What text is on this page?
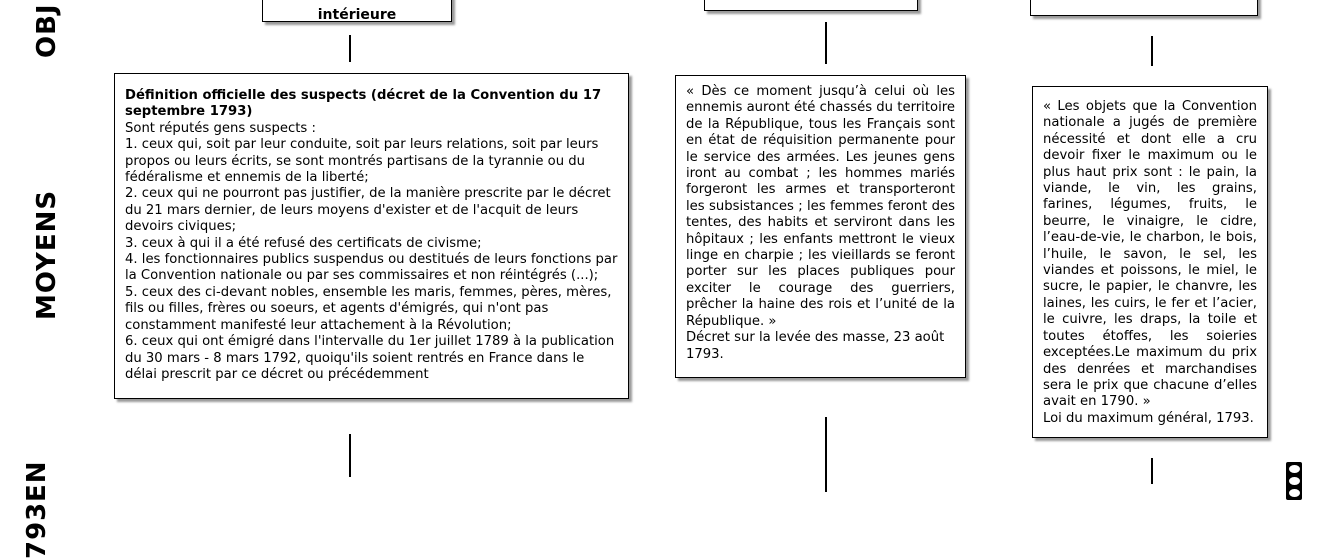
OBJ
MOYENS
EN
793
intérieure

Définition officielle des suspects (décret de la Convention du 17 septembre 1793)

Sont réputés gens suspects :

1. ceux qui, soit par leur conduite, soit par leurs relations, soit par leurs propos ou leurs écrits, se sont montrés partisans de la tyrannie ou du fédéralisme et ennemis de la liberté;

2. ceux qui ne pourront pas justifier, de la manière prescrite par le décret du 21 mars dernier, de leurs moyens d'exister et de l'acquit de leurs devoirs civiques;

3. ceux à qui il a été refusé des certificats de civisme;

4. les fonctionnaires publics suspendus ou destitués de leurs fonctions par la Convention nationale ou par ses commissaires et non réintégrés (...);

5. ceux des ci-devant nobles, ensemble les maris, femmes, pères, mères, fils ou filles, frères ou soeurs, et agents d'émigrés, qui n'ont pas constamment manifesté leur attachement à la Révolution;

6. ceux qui ont émigré dans l'intervalle du 1er juillet 1789 à la publication du 30 mars - 8 mars 1792, quoiqu'ils soient rentrés en France dans le délai prescrit par ce décret ou précédemment

« Dès ce moment jusqu’à celui où les ennemis auront été chassés du territoire de la République, tous les Français sont en état de réquisition permanente pour le service des armées. Les jeunes gens iront au combat ; les hommes mariés forgeront les armes et transporteront les subsistances ; les femmes feront des tentes, des habits et serviront dans les hôpitaux ; les enfants mettront le vieux linge en charpie ; les vieillards se feront porter sur les places publiques pour exciter le courage des guerriers, prêcher la haine des rois et l’unité de la République. »

Décret sur la levée des masse, 23 août 1793.

« Les objets que la Convention nationale a jugés de première nécessité et dont elle a cru devoir fixer le maximum ou le plus haut prix sont : le pain, la viande, le vin, les grains, farines, légumes, fruits, le beurre, le vinaigre, le cidre, l’eau-de-vie, le charbon, le bois, l’huile, le savon, le sel, les viandes et poissons, le miel, le sucre, le papier, le chanvre, les laines, les cuirs, le fer et l’acier, le cuivre, les draps, la toile et toutes étoffes, les soieries exceptées.Le maximum du prix des denrées et marchandises sera le prix que chacune d’elles avait en 1790. »

Loi du maximum général, 1793.
